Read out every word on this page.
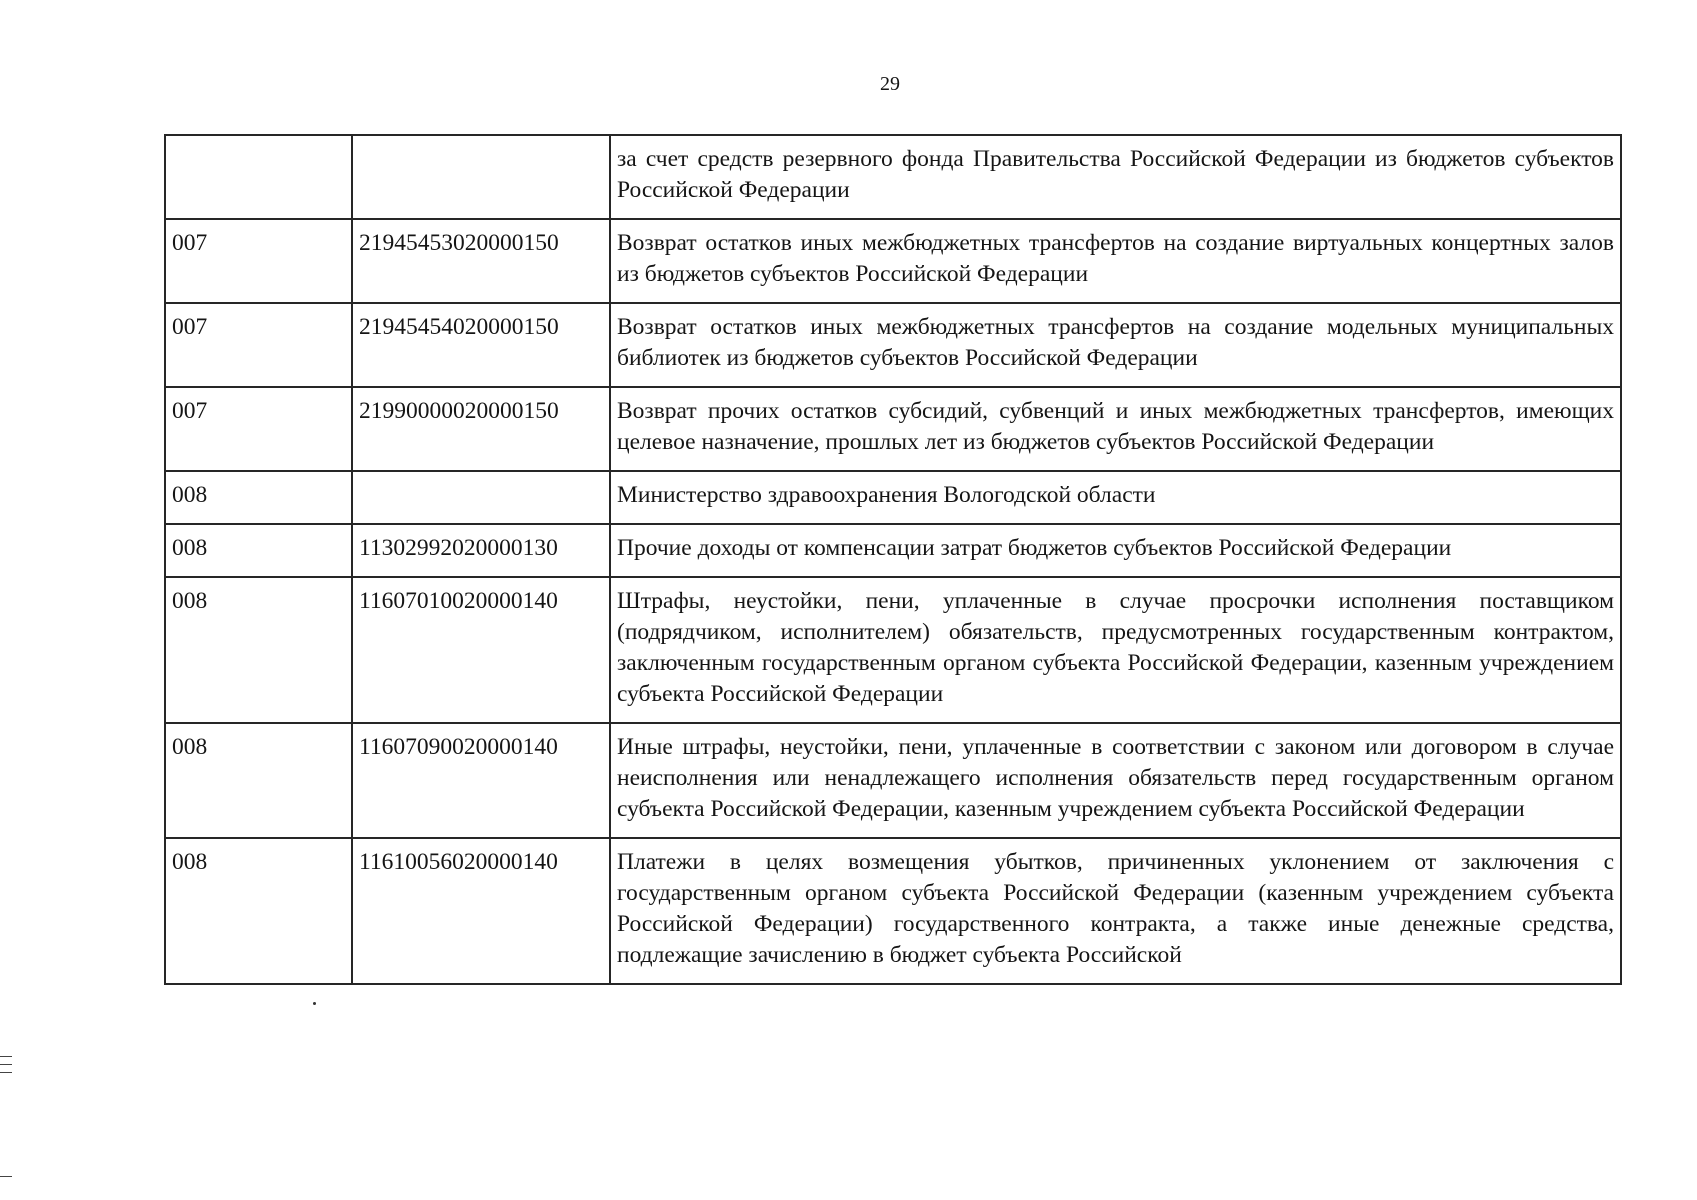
29
		за счет средств резервного фонда Правительства Российской Федерации из бюджетов субъектов Российской Федерации
007	21945453020000150	Возврат остатков иных межбюджетных трансфертов на создание виртуальных концертных залов из бюджетов субъектов Российской Федерации
007	21945454020000150	Возврат остатков иных межбюджетных трансфертов на создание модельных муниципальных библиотек из бюджетов субъектов Российской Федерации
007	21990000020000150	Возврат прочих остатков субсидий, субвенций и иных межбюджетных трансфертов, имеющих целевое назначение, прошлых лет из бюджетов субъектов Российской Федерации
008		Министерство здравоохранения Вологодской области
008	11302992020000130	Прочие доходы от компенсации затрат бюджетов субъектов Российской Федерации
008	11607010020000140	Штрафы, неустойки, пени, уплаченные в случае просрочки исполнения поставщиком (подрядчиком, исполнителем) обязательств, предусмотренных государственным контрактом, заключенным государственным органом субъекта Российской Федерации, казенным учреждением субъекта Российской Федерации
008	11607090020000140	Иные штрафы, неустойки, пени, уплаченные в соответствии с законом или договором в случае неисполнения или ненадлежащего исполнения обязательств перед государственным органом субъекта Российской Федерации, казенным учреждением субъекта Российской Федерации
008	11610056020000140	Платежи в целях возмещения убытков, причиненных уклонением от заключения с государственным органом субъекта Российской Федерации (казенным учреждением субъекта Российской Федерации) государственного контракта, а также иные денежные средства, подлежащие зачислению в бюджет субъекта Российской
